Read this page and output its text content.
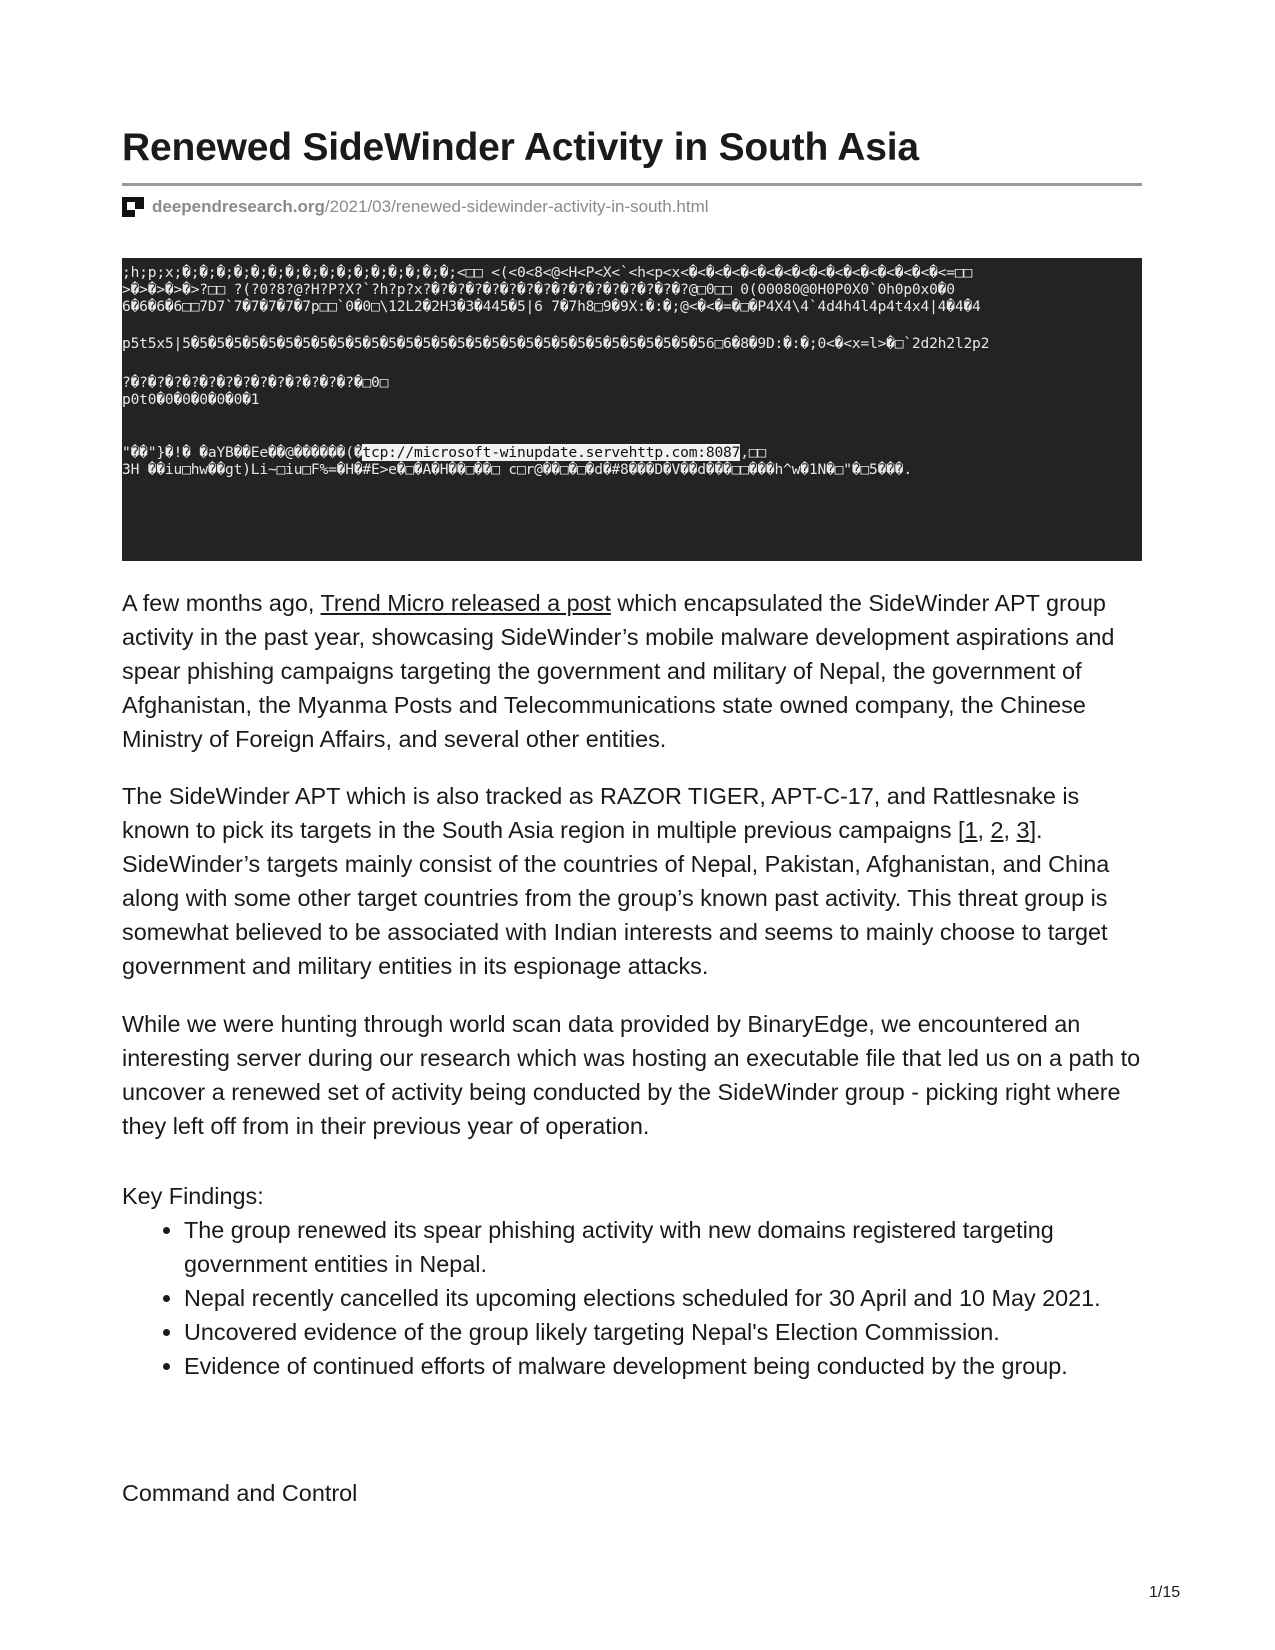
Renewed SideWinder Activity in South Asia
deependresearch.org /2021/03/renewed-sidewinder-activity-in-south.html
;h;p;x;�;�;�;�;�;�;�;�;�;�;�;�;�;�;�;�;<□□ <(<0<8<@<H<P<X<`<h<p<x<�<�<�<�<�<�<�<�<�<�<�<�<�<�<�<=□□
>�>�>�>�>?□□ ?(?0?8?@?H?P?X?`?h?p?x?�?�?�?�?�?�?�?�?�?�?�?�?�?�?�?@□0□□ 0(00080@0H0P0X0`0h0p0x0�0
6�6�6�6□□7D7`7�7�7�7�7p□□`0�0□\12L2�2H3�3�445�5|6 7�7h8□9�9X:�:�;@<�<�=�□�P4X4\4`4d4h4l4p4t4x4|4�4�4
p5t5x5|5�5�5�5�5�5�5�5�5�5�5�5�5�5�5�5�5�5�5�5�5�5�5�5�5�5�5�5�5�5�56□6�8�9D:�:�;0<�<x=l>�□`2d2h2l2p2
?�?�?�?�?�?�?�?�?�?�?�?�?�?�□0□
p0t0�0�0�0�0�0�1
"��"}�!� �aYB��Ee��@������(�tcp://microsoft-winupdate.servehttp.com:8087,□□
3H ��iu□hw��gt)Li~□iu□F%=�H�#E>e�□�A�H��□��□ c□r@��□�□�d�#8���D�V��d���□□���h^w�1N�□"�□5���.

A few months ago, Trend Micro released a post which encapsulated the SideWinder APT group activity in the past year, showcasing SideWinder’s mobile malware development aspirations and spear phishing campaigns targeting the government and military of Nepal, the government of Afghanistan, the Myanma Posts and Telecommunications state owned company, the Chinese Ministry of Foreign Affairs, and several other entities.

The SideWinder APT which is also tracked as RAZOR TIGER, APT-C-17, and Rattlesnake is known to pick its targets in the South Asia region in multiple previous campaigns [1, 2, 3]. SideWinder’s targets mainly consist of the countries of Nepal, Pakistan, Afghanistan, and China along with some other target countries from the group’s known past activity. This threat group is somewhat believed to be associated with Indian interests and seems to mainly choose to target government and military entities in its espionage attacks.

While we were hunting through world scan data provided by BinaryEdge, we encountered an interesting server during our research which was hosting an executable file that led us on a path to uncover a renewed set of activity being conducted by the SideWinder group - picking right where they left off from in their previous year of operation.

Key Findings:

• The group renewed its spear phishing activity with new domains registered targeting government entities in Nepal.
• Nepal recently cancelled its upcoming elections scheduled for 30 April and 10 May 2021.
• Uncovered evidence of the group likely targeting Nepal's Election Commission.
• Evidence of continued efforts of malware development being conducted by the group.

Command and Control

1/15
